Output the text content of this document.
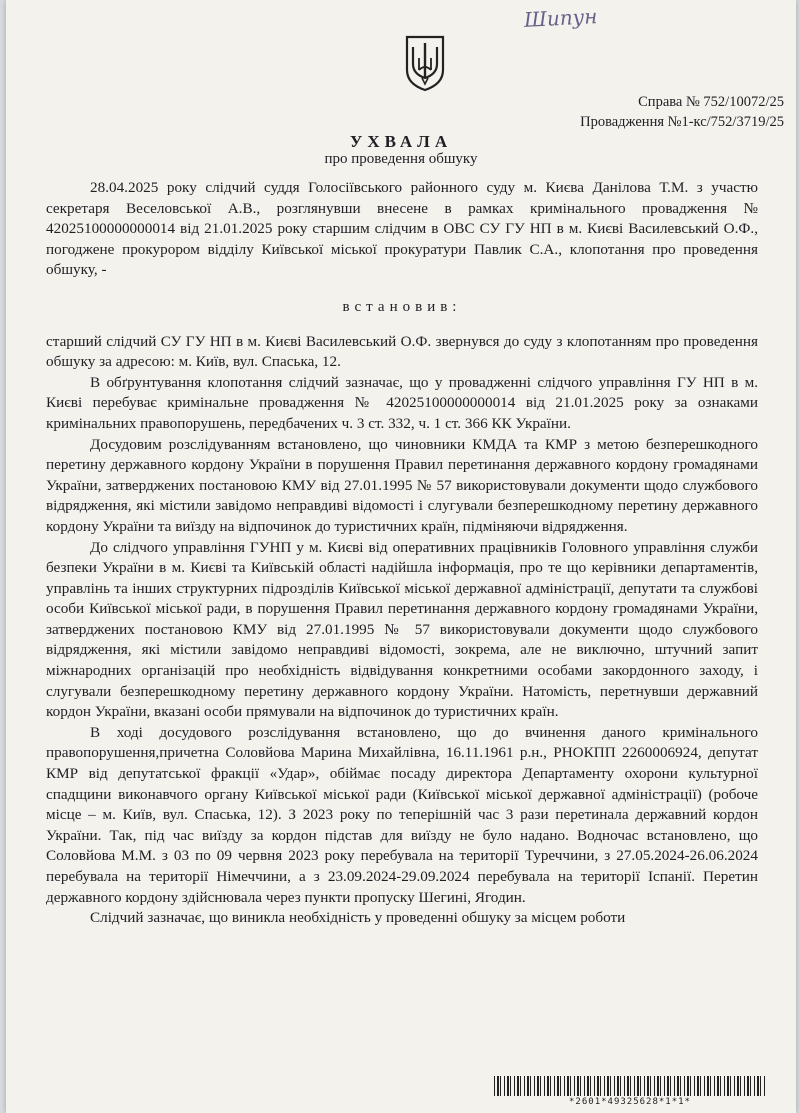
Шипун
Справа № 752/10072/25
Провадження №1-кс/752/3719/25
УХВАЛА
про проведення обшуку

28.04.2025 року слідчий суддя Голосіївського районного суду м. Києва Данілова Т.М. з участю секретаря Веселовської А.В., розглянувши внесене в рамках кримінального провадження № 42025100000000014 від 21.01.2025 року старшим слідчим в ОВС СУ ГУ НП в м. Києві Василевський О.Ф., погоджене прокурором відділу Київської міської прокуратури Павлик С.А., клопотання про проведення обшуку, -

встановив:

старший слідчий СУ ГУ НП в м. Києві Василевський О.Ф. звернувся до суду з клопотанням про проведення обшуку за адресою: м. Київ, вул. Спаська, 12.

В обґрунтування клопотання слідчий зазначає, що у провадженні слідчого управління ГУ НП в м. Києві перебуває кримінальне провадження № 42025100000000014 від 21.01.2025 року за ознаками кримінальних правопорушень, передбачених ч. 3 ст. 332, ч. 1 ст. 366 КК України.

Досудовим розслідуванням встановлено, що чиновники КМДА та КМР з метою безперешкодного перетину державного кордону України в порушення Правил перетинання державного кордону громадянами України, затверджених постановою КМУ від 27.01.1995 № 57 використовували документи щодо службового відрядження, які містили завідомо неправдиві відомості і слугували безперешкодному перетину державного кордону України та виїзду на відпочинок до туристичних країн, підміняючи відрядження.

До слідчого управління ГУНП у м. Києві від оперативних працівників Головного управління служби безпеки України в м. Києві та Київській області надійшла інформація, про те що керівники департаментів, управлінь та інших структурних підрозділів Київської міської державної адміністрації, депутати та службові особи Київської міської ради, в порушення Правил перетинання державного кордону громадянами України, затверджених постановою КМУ від 27.01.1995 № 57 використовували документи щодо службового відрядження, які містили завідомо неправдиві відомості, зокрема, але не виключно, штучний запит міжнародних організацій про необхідність відвідування конкретними особами закордонного заходу, і слугували безперешкодному перетину державного кордону України. Натомість, перетнувши державний кордон України, вказані особи прямували на відпочинок до туристичних країн.

В ході досудового розслідування встановлено, що до вчинення даного кримінального правопорушення,причетна Соловйова Марина Михайлівна, 16.11.1961 р.н., РНОКПП 2260006924, депутат КМР від депутатської фракції «Удар», обіймає посаду директора Департаменту охорони культурної спадщини виконавчого органу Київської міської ради (Київської міської державної адміністрації) (робоче місце – м. Київ, вул. Спаська, 12). З 2023 року по теперішній час 3 рази перетинала державний кордон України. Так, під час виїзду за кордон підстав для виїзду не було надано. Водночас встановлено, що Соловйова М.М. з 03 по 09 червня 2023 року перебувала на території Туреччини, з 27.05.2024-26.06.2024 перебувала на території Німеччини, а з 23.09.2024-29.09.2024 перебувала на території Іспанії. Перетин державного кордону здійснювала через пункти пропуску Шегині, Ягодин.

Слідчий зазначає, що виникла необхідність у проведенні обшуку за місцем роботи

*2601*49325628*1*1*
